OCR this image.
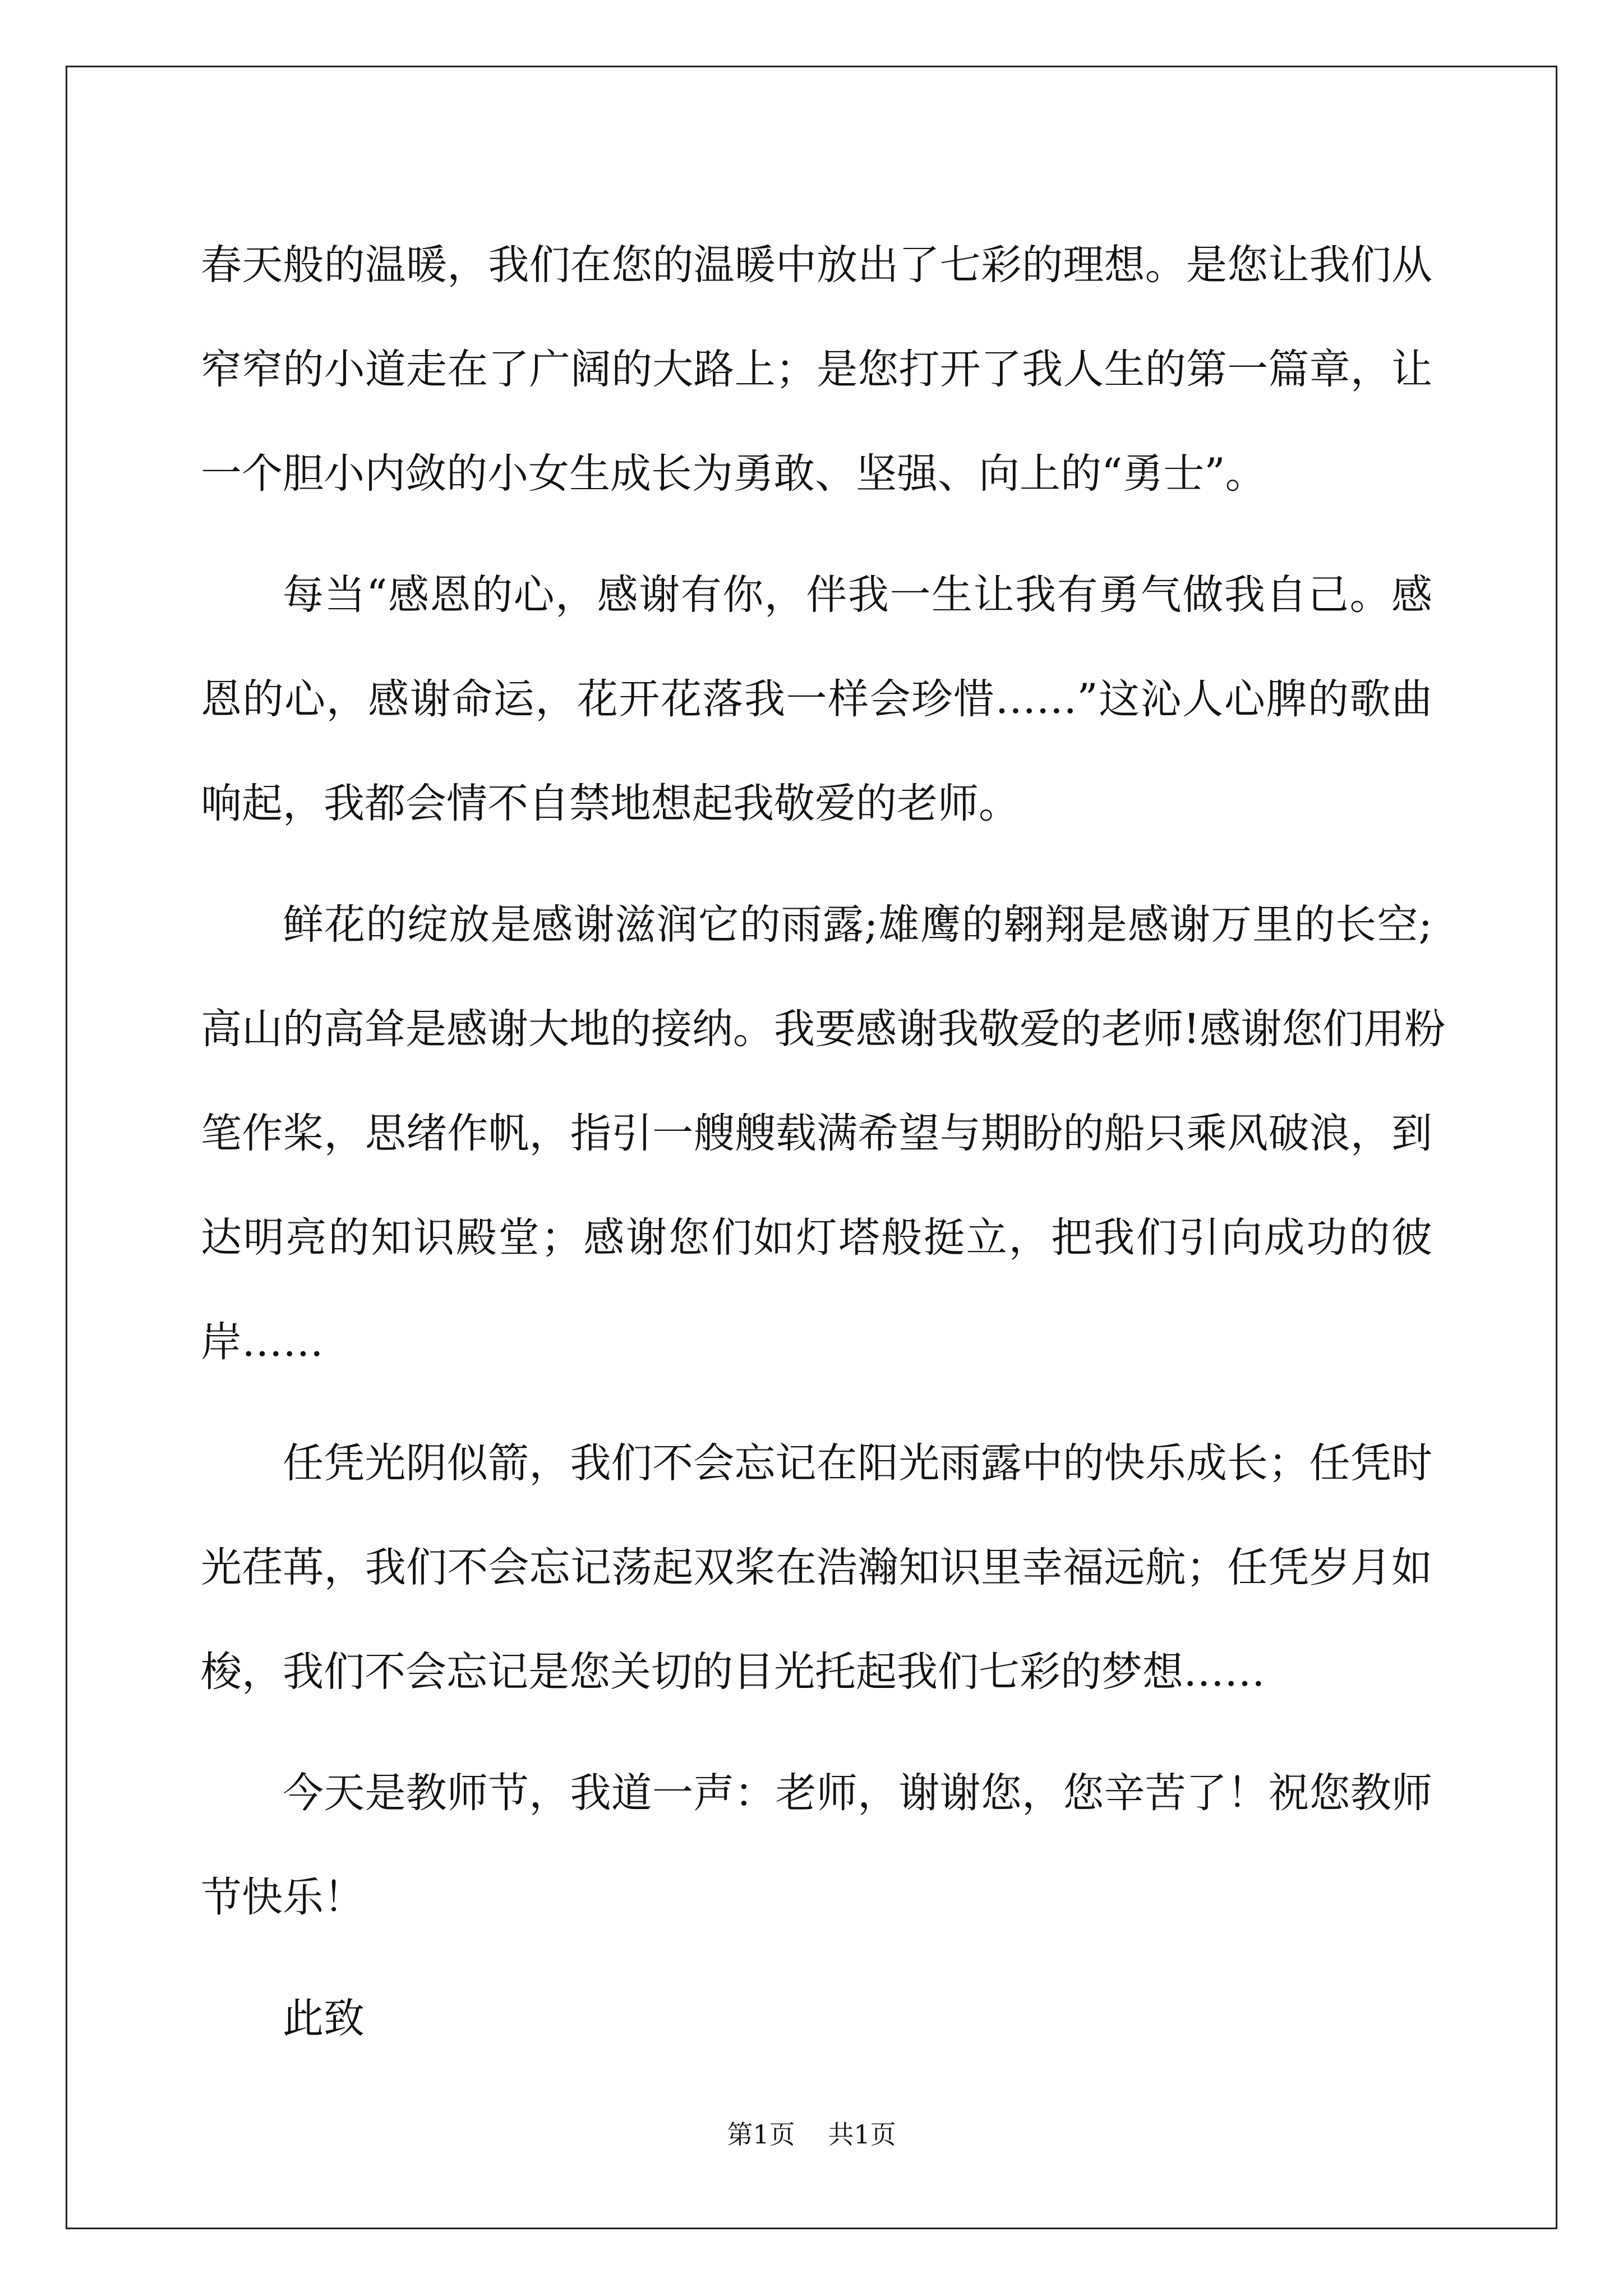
春天般的温暖，我们在您的温暖中放出了七彩的理想。是您让我们从
窄窄的小道走在了广阔的大路上；是您打开了我人生的第一篇章，让
一个胆小内敛的小女生成长为勇敢、坚强、向上的“勇士”。
每当“感恩的心，感谢有你，伴我一生让我有勇气做我自己。感
恩的心，感谢命运，花开花落我一样会珍惜……”这沁人心脾的歌曲
响起，我都会情不自禁地想起我敬爱的老师。
鲜花的绽放是感谢滋润它的雨露;雄鹰的翱翔是感谢万里的长空;
高山的高耸是感谢大地的接纳。我要感谢我敬爱的老师!感谢您们用粉
笔作桨，思绪作帆，指引一艘艘载满希望与期盼的船只乘风破浪，到
达明亮的知识殿堂；感谢您们如灯塔般挺立，把我们引向成功的彼
岸……
任凭光阴似箭，我们不会忘记在阳光雨露中的快乐成长；任凭时
光荏苒，我们不会忘记荡起双桨在浩瀚知识里幸福远航；任凭岁月如
梭，我们不会忘记是您关切的目光托起我们七彩的梦想……
今天是教师节，我道一声：老师，谢谢您，您辛苦了！祝您教师
节快乐！
此致
第1页 共1页
